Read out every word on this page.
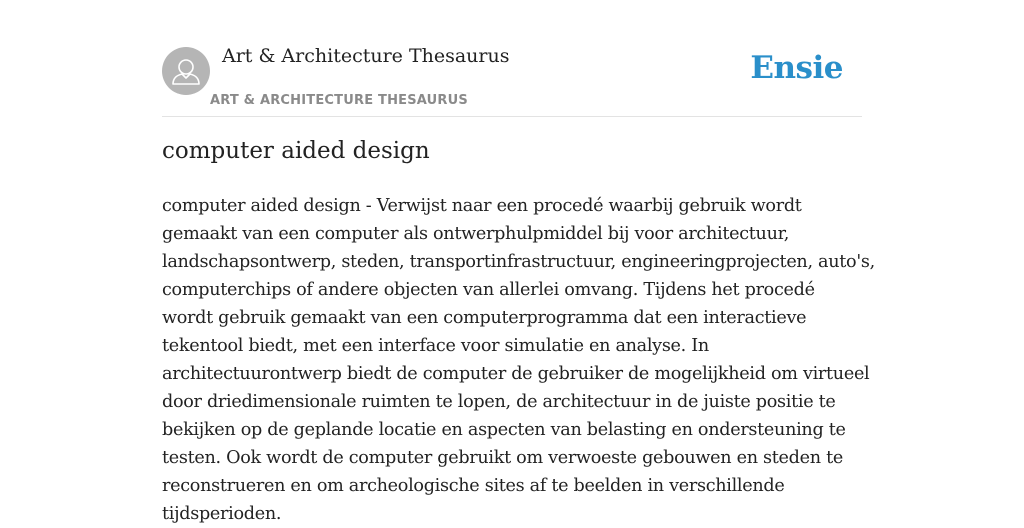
Art & Architecture Thesaurus
ART & ARCHITECTURE THESAURUS
Ensie
computer aided design

computer aided design - Verwijst naar een procedé waarbij gebruik wordt
gemaakt van een computer als ontwerphulpmiddel bij voor architectuur,
landschapsontwerp, steden, transportinfrastructuur, engineeringprojecten, auto's,
computerchips of andere objecten van allerlei omvang. Tijdens het procedé
wordt gebruik gemaakt van een computerprogramma dat een interactieve
tekentool biedt, met een interface voor simulatie en analyse. In
architectuurontwerp biedt de computer de gebruiker de mogelijkheid om virtueel
door driedimensionale ruimten te lopen, de architectuur in de juiste positie te
bekijken op de geplande locatie en aspecten van belasting en ondersteuning te
testen. Ook wordt de computer gebruikt om verwoeste gebouwen en steden te
reconstrueren en om archeologische sites af te beelden in verschillende
tijdsperioden.
